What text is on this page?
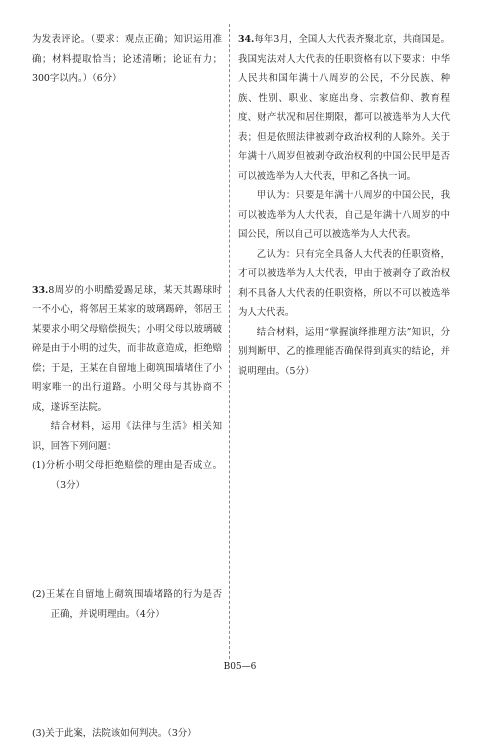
为发表评论。（要求：观点正确；知识运用准确；材料提取恰当；论述清晰；论证有力；300字以内。）（6分）

33.8周岁的小明酷爱踢足球，某天其踢球时一不小心，将邻居王某家的玻璃踢碎，邻居王某要求小明父母赔偿损失；小明父母以玻璃破碎是由于小明的过失，而非故意造成，拒绝赔偿；于是，王某在自留地上砌筑围墙堵住了小明家唯一的出行道路。小明父母与其协商不成，遂诉至法院。

结合材料，运用《法律与生活》相关知识，回答下列问题：

(1)分析小明父母拒绝赔偿的理由是否成立。（3分）

(2)王某在自留地上砌筑围墙堵路的行为是否正确，并说明理由。（4分）

(3)关于此案，法院该如何判决。（3分）

34.每年3月，全国人大代表齐聚北京，共商国是。我国宪法对人大代表的任职资格有以下要求：中华人民共和国年满十八周岁的公民，不分民族、种族、性别、职业、家庭出身、宗教信仰、教育程度、财产状况和居住期限，都可以被选举为人大代表；但是依照法律被剥夺政治权利的人除外。关于年满十八周岁但被剥夺政治权利的中国公民甲是否可以被选举为人大代表，甲和乙各执一词。

甲认为：只要是年满十八周岁的中国公民，我可以被选举为人大代表，自己是年满十八周岁的中国公民，所以自己可以被选举为人大代表。

乙认为：只有完全具备人大代表的任职资格，才可以被选举为人大代表，甲由于被剥夺了政治权利不具备人大代表的任职资格，所以不可以被选举为人大代表。

结合材料，运用“掌握演绎推理方法”知识，分别判断甲、乙的推理能否确保得到真实的结论，并说明理由。（5分）

B05—6
